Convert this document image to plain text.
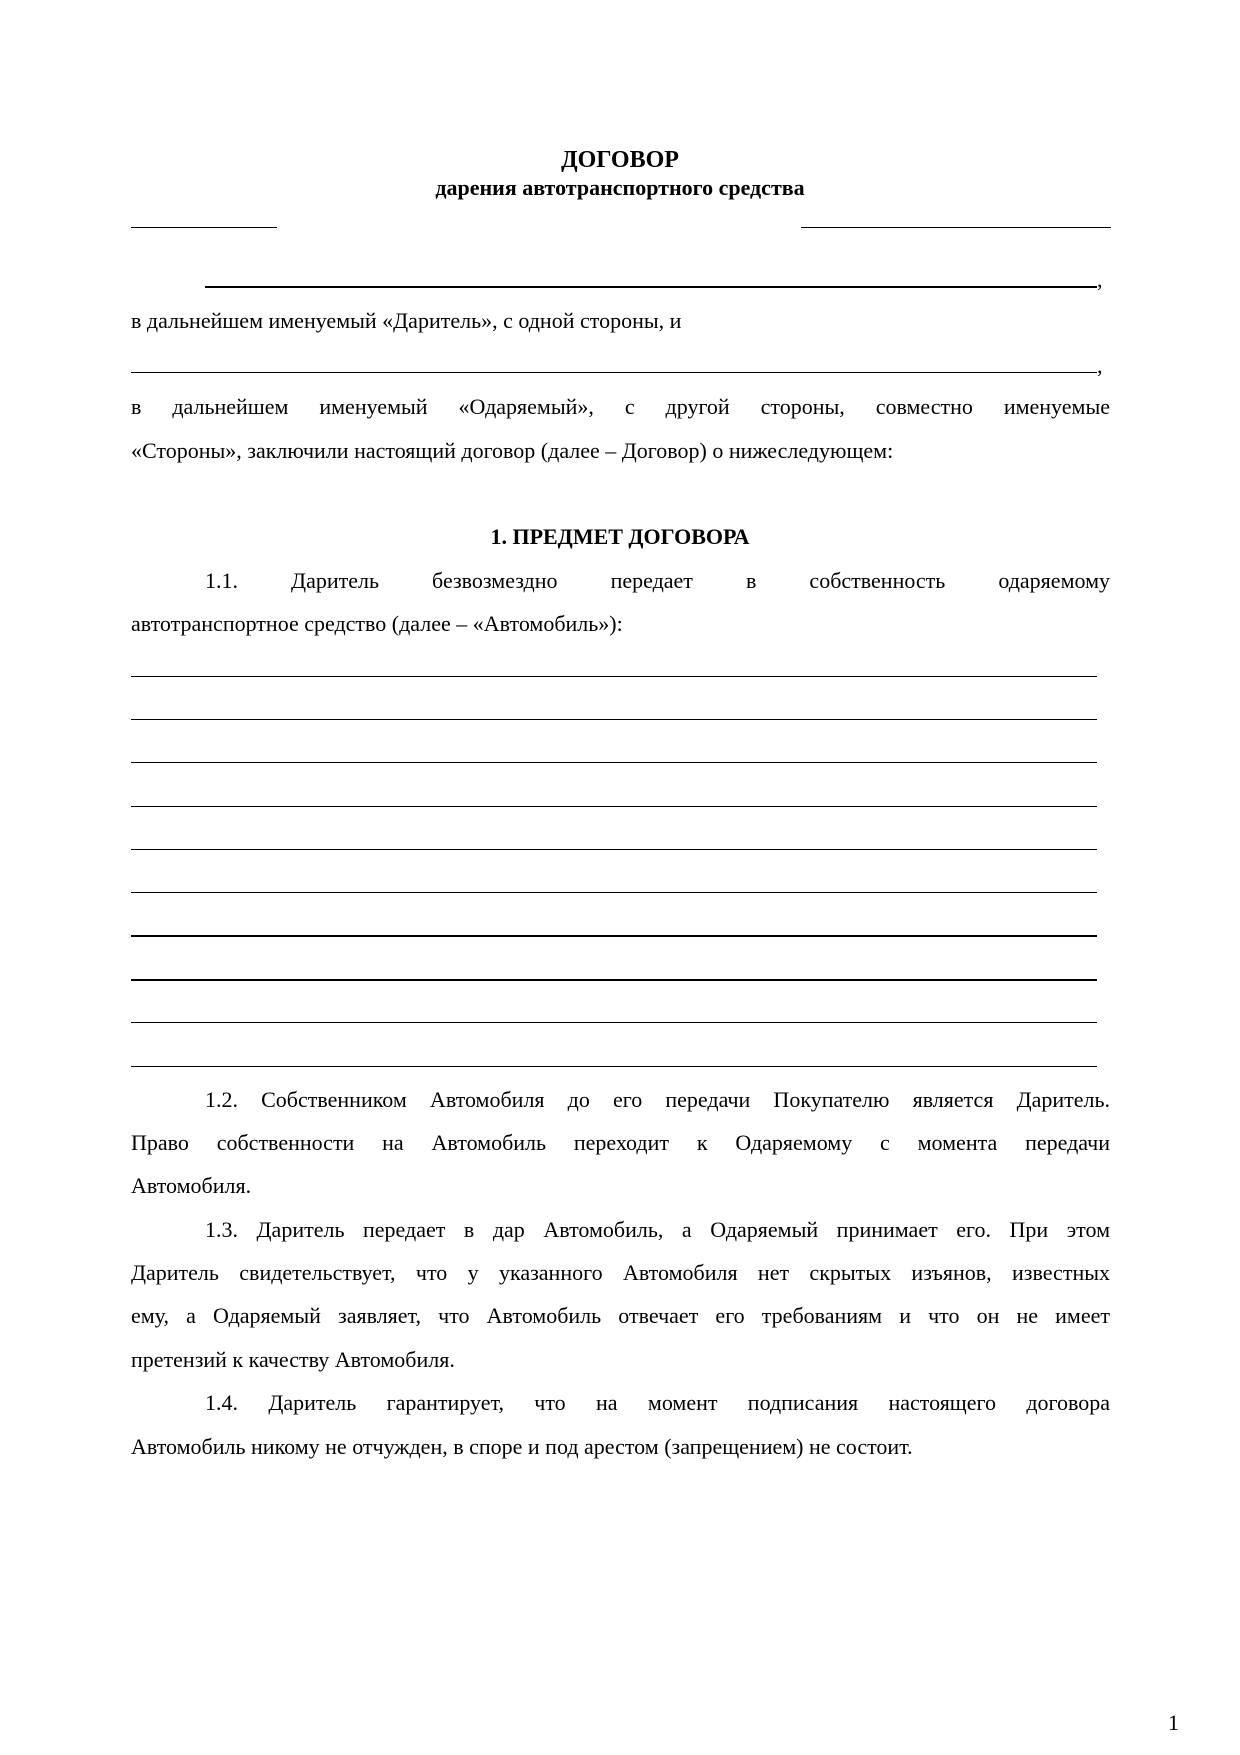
ДОГОВОР
дарения автотранспортного средства
,
в дальнейшем именуемый «Даритель», с одной стороны, и
,
в дальнейшем именуемый «Одаряемый», с другой стороны, совместно именуемые
«Стороны», заключили настоящий договор (далее – Договор) о нижеследующем:
1. ПРЕДМЕТ ДОГОВОРА
1.1. Даритель безвозмездно передает в собственность одаряемому
автотранспортное средство (далее – «Автомобиль»):
1.2. Собственником Автомобиля до его передачи Покупателю является Даритель.
Право собственности на Автомобиль переходит к Одаряемому с момента передачи
Автомобиля.
1.3. Даритель передает в дар Автомобиль, а Одаряемый принимает его. При этом
Даритель свидетельствует, что у указанного Автомобиля нет скрытых изъянов, известных
ему, а Одаряемый заявляет, что Автомобиль отвечает его требованиям и что он не имеет
претензий к качеству Автомобиля.
1.4. Даритель гарантирует, что на момент подписания настоящего договора
Автомобиль никому не отчужден, в споре и под арестом (запрещением) не состоит.
1
